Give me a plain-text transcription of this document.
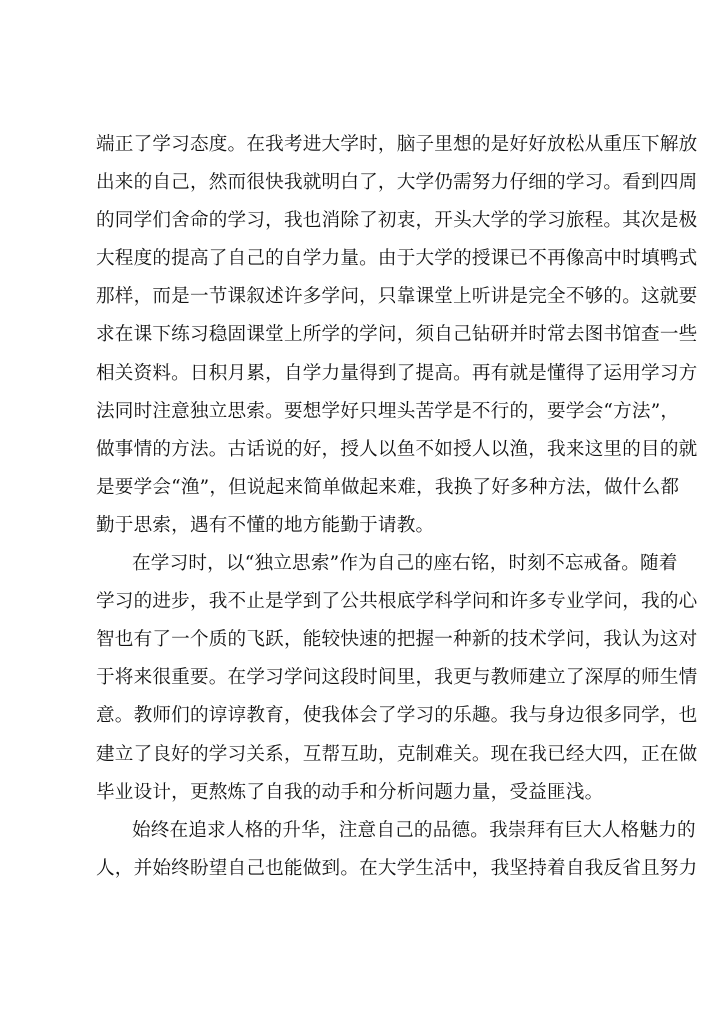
端正了学习态度。在我考进大学时，脑子里想的是好好放松从重压下解放
出来的自己，然而很快我就明白了，大学仍需努力仔细的学习。看到四周
的同学们舍命的学习，我也消除了初衷，开头大学的学习旅程。其次是极
大程度的提高了自己的自学力量。由于大学的授课已不再像高中时填鸭式
那样，而是一节课叙述许多学问，只靠课堂上听讲是完全不够的。这就要
求在课下练习稳固课堂上所学的学问，须自己钻研并时常去图书馆查一些
相关资料。日积月累，自学力量得到了提高。再有就是懂得了运用学习方
法同时注意独立思索。要想学好只埋头苦学是不行的，要学会“方法”，
做事情的方法。古话说的好，授人以鱼不如授人以渔，我来这里的目的就
是要学会“渔”，但说起来简单做起来难，我换了好多种方法，做什么都
勤于思索，遇有不懂的地方能勤于请教。
在学习时，以“独立思索”作为自己的座右铭，时刻不忘戒备。随着
学习的进步，我不止是学到了公共根底学科学问和许多专业学问，我的心
智也有了一个质的飞跃，能较快速的把握一种新的技术学问，我认为这对
于将来很重要。在学习学问这段时间里，我更与教师建立了深厚的师生情
意。教师们的谆谆教育，使我体会了学习的乐趣。我与身边很多同学，也
建立了良好的学习关系，互帮互助，克制难关。现在我已经大四，正在做
毕业设计，更熬炼了自我的动手和分析问题力量，受益匪浅。
始终在追求人格的升华，注意自己的品德。我崇拜有巨大人格魅力的
人，并始终盼望自己也能做到。在大学生活中，我坚持着自我反省且努力
